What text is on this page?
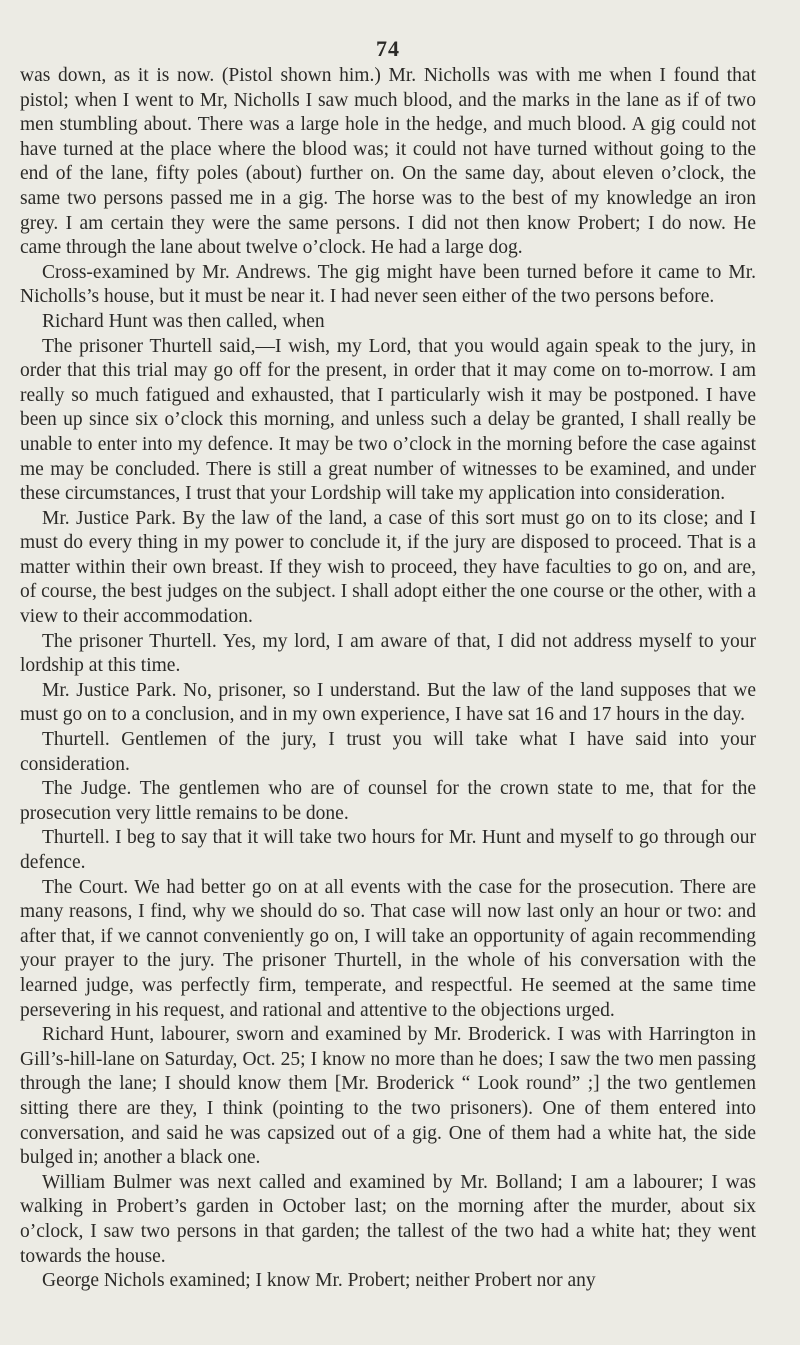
74

was down, as it is now. (Pistol shown him.) Mr. Nicholls was with me when I found that pistol; when I went to Mr, Nicholls I saw much blood, and the marks in the lane as if of two men stumbling about. There was a large hole in the hedge, and much blood. A gig could not have turned at the place where the blood was; it could not have turned without going to the end of the lane, fifty poles (about) further on. On the same day, about eleven o’clock, the same two persons passed me in a gig. The horse was to the best of my knowledge an iron grey. I am certain they were the same persons. I did not then know Probert; I do now. He came through the lane about twelve o’clock. He had a large dog.

Cross-examined by Mr. Andrews. The gig might have been turned before it came to Mr. Nicholls’s house, but it must be near it. I had never seen either of the two persons before.

Richard Hunt was then called, when

The prisoner Thurtell said,—I wish, my Lord, that you would again speak to the jury, in order that this trial may go off for the present, in order that it may come on to-morrow. I am really so much fatigued and exhausted, that I particularly wish it may be postponed. I have been up since six o’clock this morning, and unless such a delay be granted, I shall really be unable to enter into my defence. It may be two o’clock in the morning before the case against me may be concluded. There is still a great number of witnesses to be examined, and under these circumstances, I trust that your Lordship will take my application into consideration.

Mr. Justice Park. By the law of the land, a case of this sort must go on to its close; and I must do every thing in my power to conclude it, if the jury are disposed to proceed. That is a matter within their own breast. If they wish to proceed, they have faculties to go on, and are, of course, the best judges on the subject. I shall adopt either the one course or the other, with a view to their accommodation.

The prisoner Thurtell. Yes, my lord, I am aware of that, I did not address myself to your lordship at this time.

Mr. Justice Park. No, prisoner, so I understand. But the law of the land supposes that we must go on to a conclusion, and in my own experience, I have sat 16 and 17 hours in the day.

Thurtell. Gentlemen of the jury, I trust you will take what I have said into your consideration.

The Judge. The gentlemen who are of counsel for the crown state to me, that for the prosecution very little remains to be done.

Thurtell. I beg to say that it will take two hours for Mr. Hunt and myself to go through our defence.

The Court. We had better go on at all events with the case for the prosecution. There are many reasons, I find, why we should do so. That case will now last only an hour or two: and after that, if we cannot conveniently go on, I will take an opportunity of again recommending your prayer to the jury. The prisoner Thurtell, in the whole of his conversation with the learned judge, was perfectly firm, temperate, and respectful. He seemed at the same time persevering in his request, and rational and attentive to the objections urged.

Richard Hunt, labourer, sworn and examined by Mr. Broderick. I was with Harrington in Gill’s-hill-lane on Saturday, Oct. 25; I know no more than he does; I saw the two men passing through the lane; I should know them [Mr. Broderick “ Look round” ;] the two gentlemen sitting there are they, I think (pointing to the two prisoners). One of them entered into conversation, and said he was capsized out of a gig. One of them had a white hat, the side bulged in; another a black one.

William Bulmer was next called and examined by Mr. Bolland; I am a labourer; I was walking in Probert’s garden in October last; on the morning after the murder, about six o’clock, I saw two persons in that garden; the tallest of the two had a white hat; they went towards the house.

George Nichols examined; I know Mr. Probert; neither Probert nor any
